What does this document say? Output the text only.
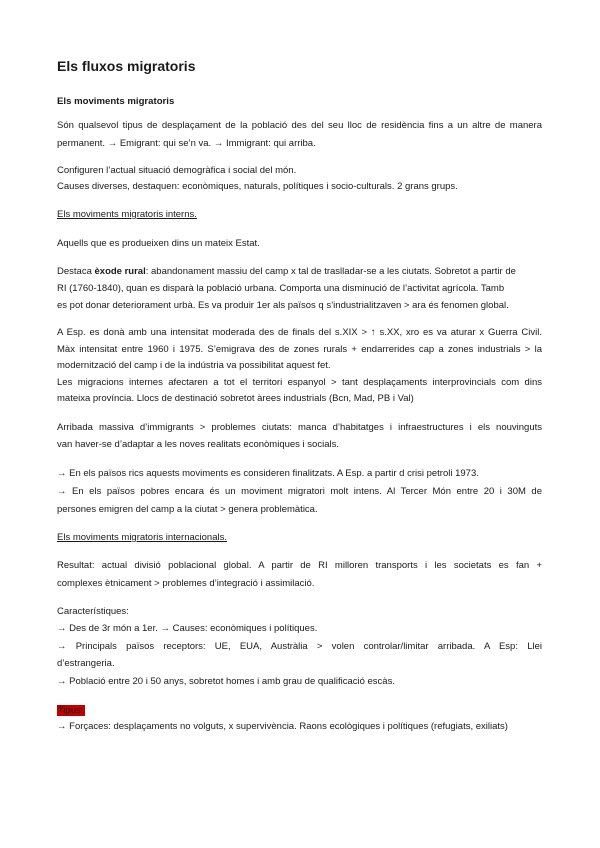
Els fluxos migratoris
Els moviments migratoris
Són qualsevol tipus de desplaçament de la població des del seu lloc de residència fins a un altre de manera
permanent. → Emigrant: qui se’n va. → Immigrant: qui arriba.
Configuren l’actual situació demogràfica i social del món.
Causes diverses, destaquen: econòmiques, naturals, polítiques i socio-culturals. 2 grans grups.
Els moviments migratoris interns.
Aquells que es produeixen dins un mateix Estat.
Destaca èxode rural: abandonament massiu del camp x tal de traslladar-se a les ciutats. Sobretot a partir de
RI (1760-1840), quan es disparà la població urbana. Comporta una disminució de l’activitat agrícola. Tamb
es pot donar deteriorament urbà. Es va produir 1er als països q s’industrialitzaven > ara és fenomen global.
A Esp. es donà amb una intensitat moderada des de finals del s.XIX > ↑ s.XX, xro es va aturar x Guerra Civil.
Màx intensitat entre 1960 i 1975. S’emigrava des de zones rurals + endarrerides cap a zones industrials > la
modernització del camp i de la indústria va possibilitat aquest fet.
Les migracions internes afectaren a tot el territori espanyol > tant desplaçaments interprovincials com dins
mateixa província. Llocs de destinació sobretot àrees industrials (Bcn, Mad, PB i Val)
Arribada massiva d’immigrants > problemes ciutats: manca d’habitatges i infraestructures i els nouvinguts
van haver-se d’adaptar a les noves realitats econòmiques i socials.
→ En els països rics aquests moviments es consideren finalitzats. A Esp. a partir d crisi petroli 1973.
→ En els països pobres encara és un moviment migratori molt intens. Al Tercer Món entre 20 i 30M de
persones emigren del camp a la ciutat > genera problemàtica.
Els moviments migratoris internacionals.
Resultat: actual divisió poblacional global. A partir de RI milloren transports i les societats es fan +
complexes ètnicament > problemes d’integració i assimilació.
Característiques:
→ Des de 3r món a 1er. → Causes: econòmiques i polítiques.
→ Principals països receptors: UE, EUA, Austràlia > volen controlar/limitar arribada. A Esp: Llei
d’estrangeria.
→ Població entre 20 i 50 anys, sobretot homes i amb grau de qualificació escàs.
Tipus:
→ Forçaces: desplaçaments no volguts, x supervivència. Raons ecològiques i polítiques (refugiats, exiliats)
